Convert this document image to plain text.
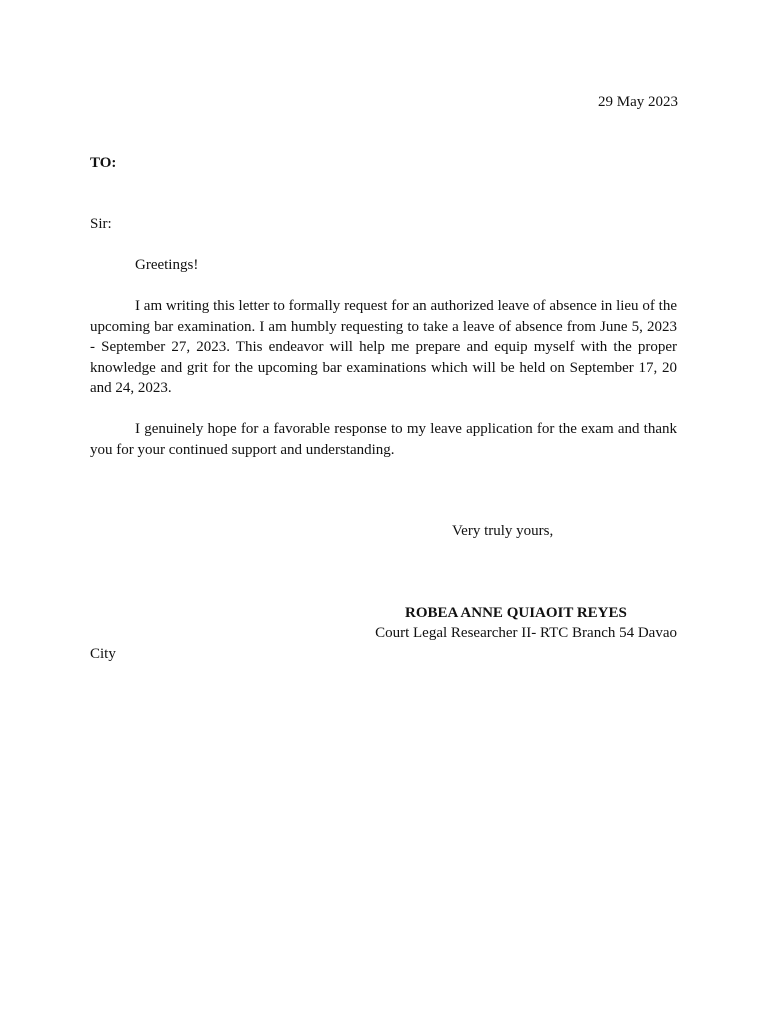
29 May 2023
TO:
Sir:
Greetings!

I am writing this letter to formally request for an authorized leave of absence in lieu of the upcoming bar examination. I am humbly requesting to take a leave of absence from June 5, 2023 - September 27, 2023. This endeavor will help me prepare and equip myself with the proper knowledge and grit for the upcoming bar examinations which will be held on September 17, 20 and 24, 2023.

I genuinely hope for a favorable response to my leave application for the exam and thank you for your continued support and understanding.

Very truly yours,
ROBEA ANNE QUIAOIT REYES
Court Legal Researcher II- RTC Branch 54 Davao
City
